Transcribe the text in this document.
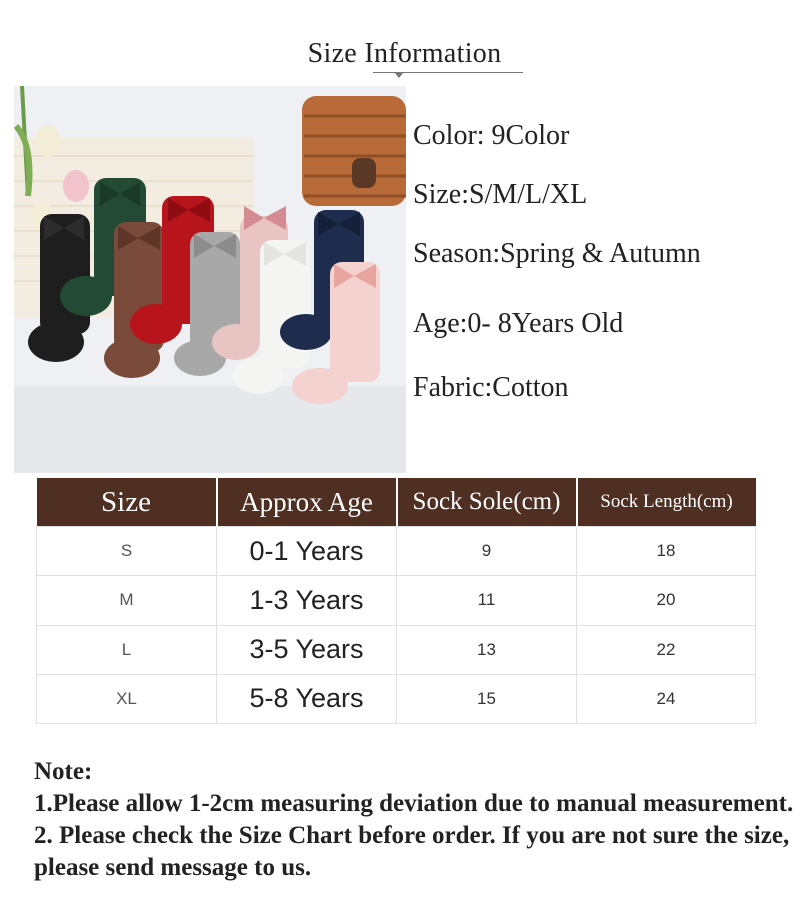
Size Information
Color: 9Color
Size:S/M/L/XL
Season:Spring & Autumn
Age:0- 8Years Old
Fabric:Cotton
Size	Approx Age	Sock Sole(cm)	Sock Length(cm)
S	0-1 Years	9	18
M	1-3 Years	11	20
L	3-5 Years	13	22
XL	5-8 Years	15	24

Note:

1.Please allow 1-2cm measuring deviation due to manual measurement.

2. Please check the Size Chart before order. If you are not sure the size, please send message to us.
